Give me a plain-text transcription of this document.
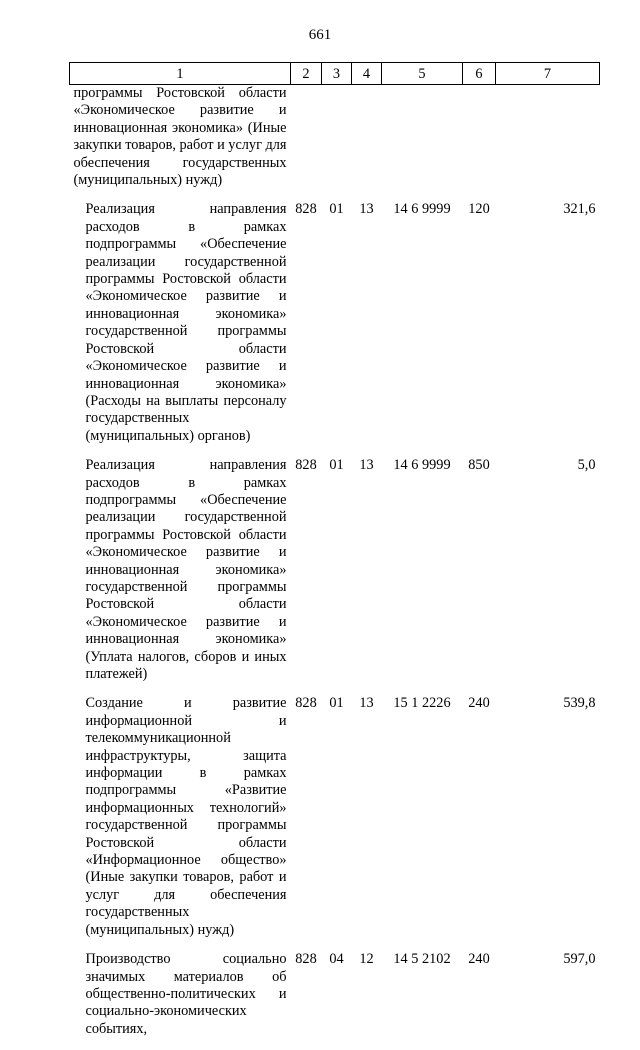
661
1	2	3	4	5	6	7
программы Ростовской области «Экономическое развитие и инновационная экономика» (Иные закупки товаров, работ и услуг для обеспечения государственных (муниципальных) нужд)						
Реализация направления расходов в рамках подпрограммы «Обеспечение реализации государственной программы Ростовской области «Экономическое развитие и инновационная экономика» государственной программы Ростовской области «Экономическое развитие и инновационная экономика» (Расходы на выплаты персоналу государственных (муниципальных) органов)	828	01	13	14 6 9999	120	321,6
Реализация направления расходов в рамках подпрограммы «Обеспечение реализации государственной программы Ростовской области «Экономическое развитие и инновационная экономика» государственной программы Ростовской области «Экономическое развитие и инновационная экономика» (Уплата налогов, сборов и иных платежей)	828	01	13	14 6 9999	850	5,0
Создание и развитие информационной и телекоммуникационной инфраструктуры, защита информации в рамках подпрограммы «Развитие информационных технологий» государственной программы Ростовской области «Информационное общество» (Иные закупки товаров, работ и услуг для обеспечения государственных (муниципальных) нужд)	828	01	13	15 1 2226	240	539,8
Производство социально значимых материалов об общественно-политических и социально-экономических событиях,	828	04	12	14 5 2102	240	597,0
